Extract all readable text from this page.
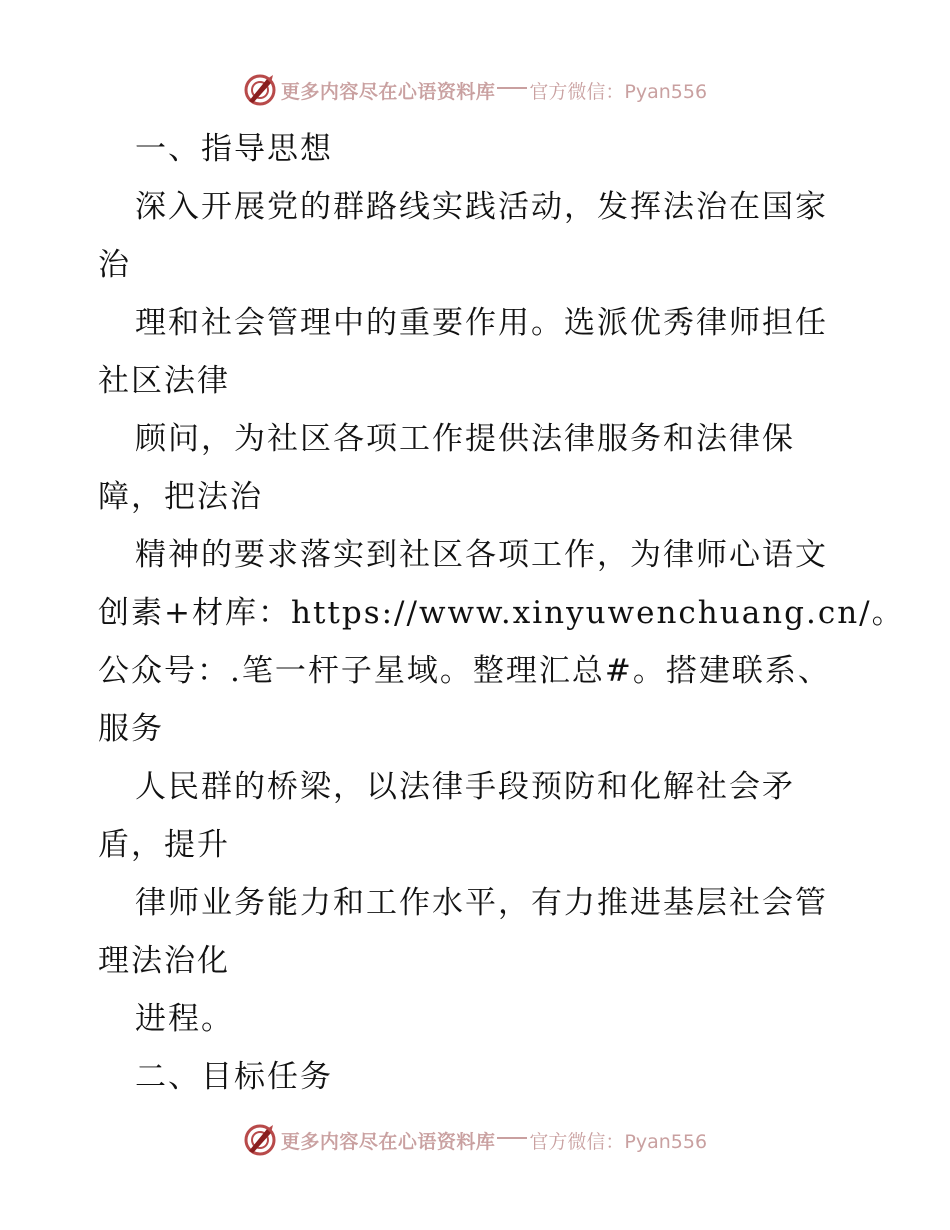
更多内容尽在心语资料库 官方微信：Pyan556
一、指导思想
深入开展党的群路线实践活动，发挥法治在国家
治
理和社会管理中的重要作用。选派优秀律师担任
社区法律
顾问，为社区各项工作提供法律服务和法律保
障，把法治
精神的要求落实到社区各项工作，为律师心语文
创素+材库：https://www.xinyuwenchuang.cn/。
公众号：.笔一杆子星域。整理汇总#。搭建联系、
服务
人民群的桥梁，以法律手段预防和化解社会矛
盾，提升
律师业务能力和工作水平，有力推进基层社会管
理法治化
进程。
二、目标任务
更多内容尽在心语资料库 官方微信：Pyan556
